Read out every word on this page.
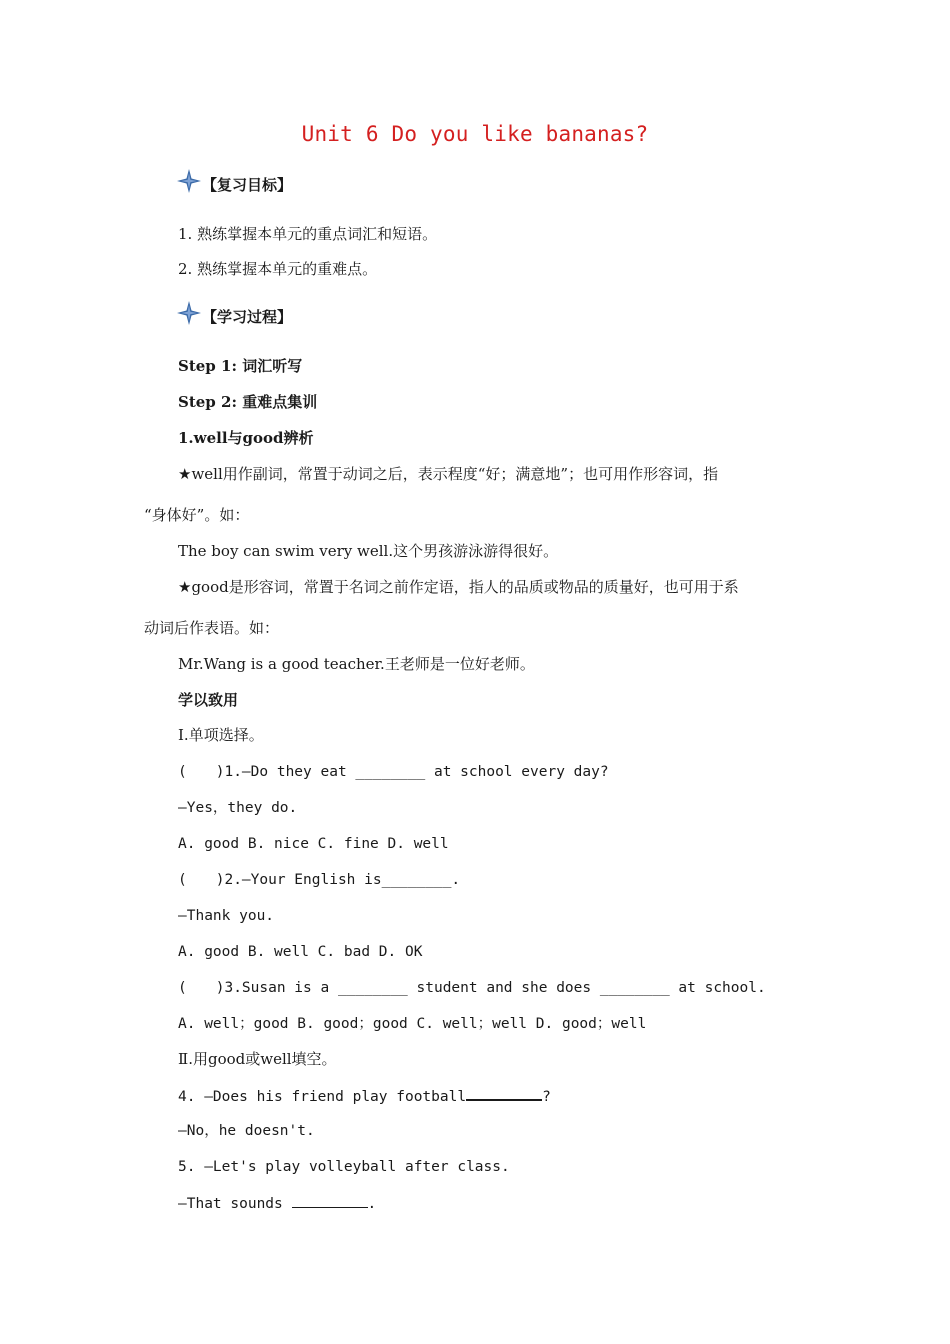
Unit 6 Do you like bananas?
【复习目标】
1. 熟练掌握本单元的重点词汇和短语。
2. 熟练掌握本单元的重难点。
【学习过程】
Step 1: 词汇听写
Step 2: 重难点集训
1.well与good辨析
★well用作副词，常置于动词之后，表示程度“好；满意地”；也可用作形容词，指
“身体好”。如：
The boy can swim very well.这个男孩游泳游得很好。
★good是形容词，常置于名词之前作定语，指人的品质或物品的质量好，也可用于系
动词后作表语。如：
Mr.Wang is a good teacher.王老师是一位好老师。
学以致用
Ⅰ.单项选择。
(　　)1.—Do they eat ________ at school every day?
—Yes，they do.
A. good B. nice C. fine D. well
(　　)2.—Your English is________.
—Thank you.
A. good B. well C. bad D. OK
(　　)3.Susan is a ________ student and she does ________ at school.
A. well；good B. good；good C. well；well D. good；well
Ⅱ.用good或well填空。
4. —Does his friend play football	?
—No，he doesn't.
5. —Let's play volleyball after class.
—That sounds	.
